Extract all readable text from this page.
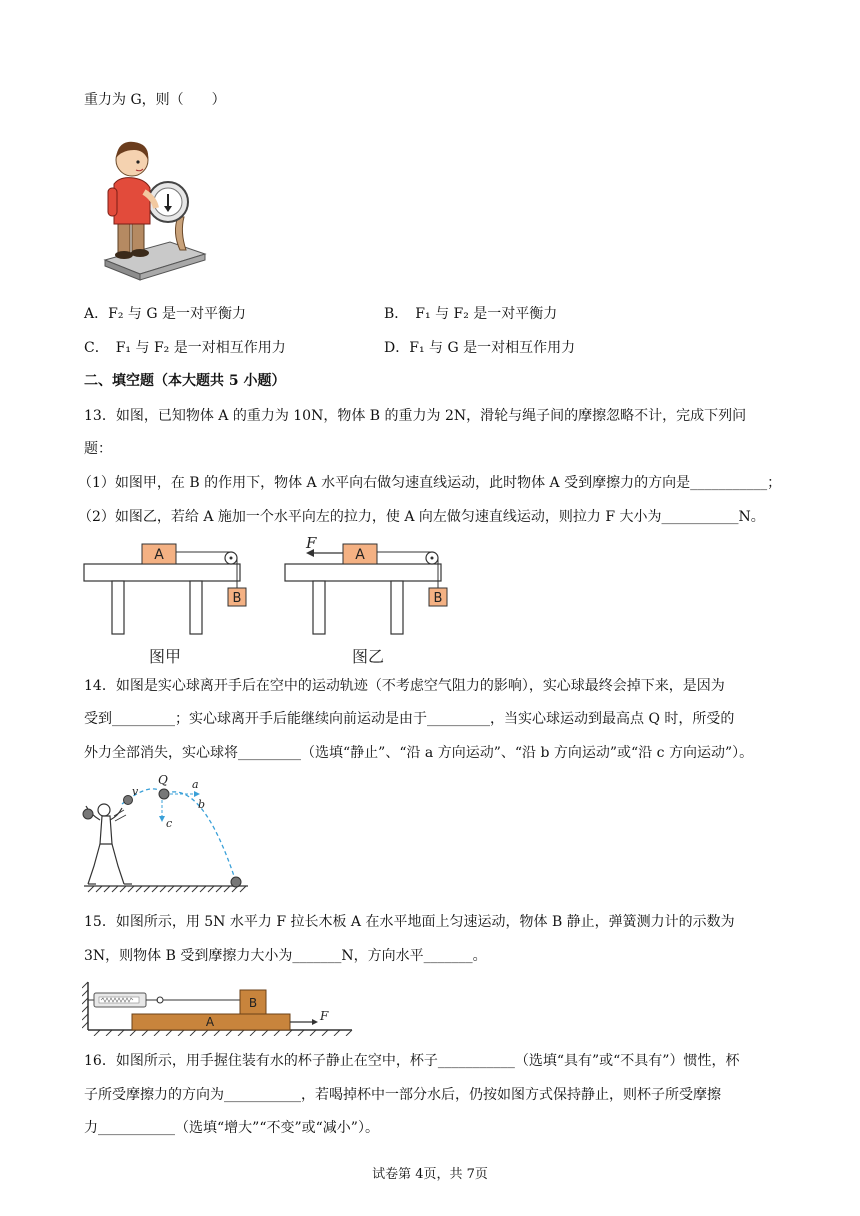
重力为 G，则（　　）
A．F₂ 与 G 是一对平衡力	B．　F₁ 与 F₂ 是一对平衡力
C．　F₁ 与 F₂ 是一对相互作用力	D．F₁ 与 G 是一对相互作用力
二、填空题（本大题共 5 小题）
13．如图，已知物体 A 的重力为 10N，物体 B 的重力为 2N，滑轮与绳子间的摩擦忽略不计，完成下列问
题：
（1）如图甲，在 B 的作用下，物体 A 水平向右做匀速直线运动，此时物体 A 受到摩擦力的方向是___________；
（2）如图乙，若给 A 施加一个水平向左的拉力，使 A 向左做匀速直线运动，则拉力 F 大小为___________N。
A
B
图甲
A
F
B
图乙
14．如图是实心球离开手后在空中的运动轨迹（不考虑空气阻力的影响），实心球最终会掉下来，是因为
受到_________；实心球离开手后能继续向前运动是由于_________，当实心球运动到最高点 Q 时，所受的
外力全部消失，实心球将_________（选填“静止”、“沿 a 方向运动”、“沿 b 方向运动”或“沿 c 方向运动”）。
v
Q a
b
c
15．如图所示，用 5N 水平力 F 拉长木板 A 在水平地面上匀速运动，物体 B 静止，弹簧测力计的示数为
3N，则物体 B 受到摩擦力大小为_______N，方向水平_______。
B
A	F
16．如图所示，用手握住装有水的杯子静止在空中，杯子___________（选填“具有”或“不具有”）惯性，杯
子所受摩擦力的方向为___________，若喝掉杯中一部分水后，仍按如图方式保持静止，则杯子所受摩擦
力___________（选填“增大”“不变”或“减小”）。
试卷第 4页，共 7页
